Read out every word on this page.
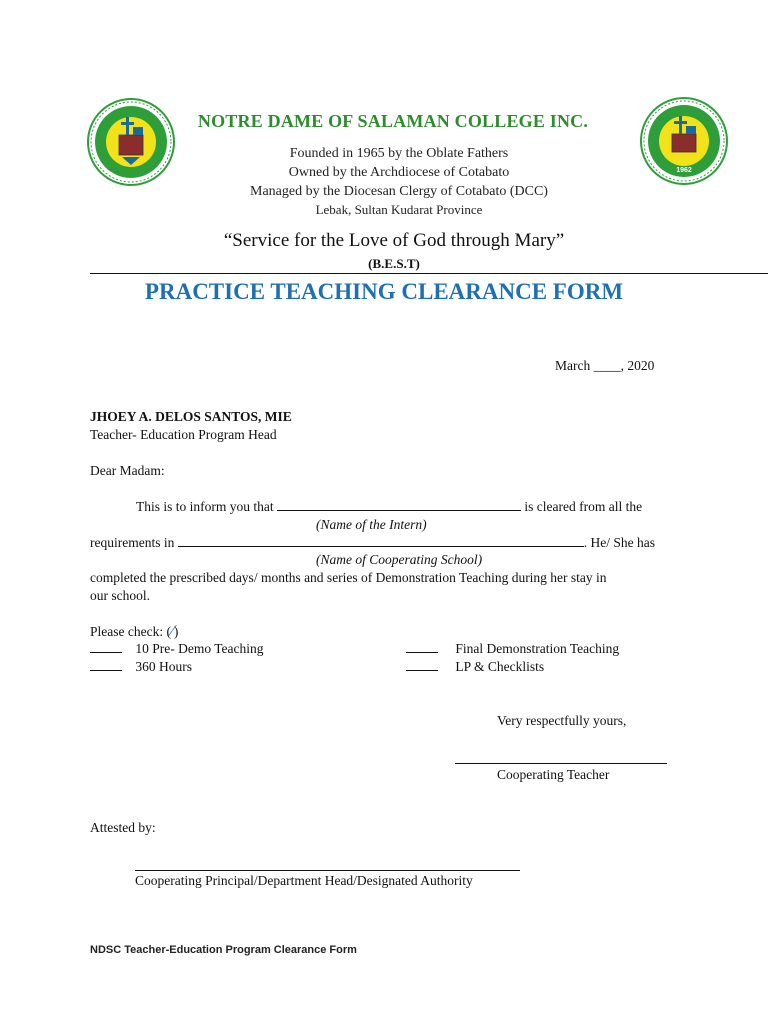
1962
NOTRE DAME OF SALAMAN COLLEGE INC.
Founded in 1965 by the Oblate Fathers
Owned by the Archdiocese of Cotabato
Managed by the Diocesan Clergy of Cotabato (DCC)
Lebak, Sultan Kudarat Province
“Service for the Love of God through Mary”
(B.E.S.T)
PRACTICE TEACHING CLEARANCE FORM
March ____, 2020
JHOEY A. DELOS SANTOS, MIE
Teacher- Education Program Head
Dear Madam:
This is to inform you that	is cleared from all the
(Name of the Intern)
requirements in	. He/ She has
(Name of Cooperating School)
completed the prescribed days/ months and series of Demonstration Teaching during her stay in
our school.
Please check: (⁄)
10 Pre- Demo Teaching
360 Hours
Final Demonstration Teaching
LP & Checklists
Very respectfully yours,
Cooperating Teacher
Attested by:
Cooperating Principal/Department Head/Designated Authority
NDSC Teacher-Education Program Clearance Form
